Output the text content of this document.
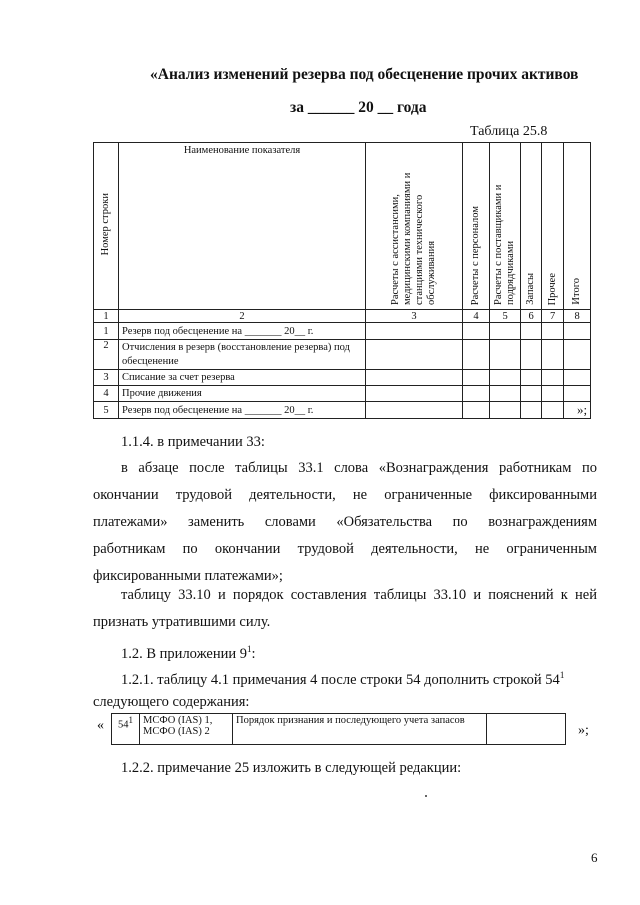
«Анализ изменений резерва под обесценение прочих активов
за ______ 20 __ года
Таблица 25.8
Номер строки	Наименование показателя	Расчеты с ассистансими, медицинскими компаниями и станциями технического обслуживания	Расчеты с персоналом	Расчеты с поставщиками и подрядчиками	Запасы	Прочее	Итого

1	2	3	4	5	6	7	8
1	Резерв под обесценение на _______ 20__ г.						
2	Отчисления в резерв (восстановление резерва) под обесценение						
3	Списание за счет резерва						
4	Прочие движения						
5	Резерв под обесценение на _______ 20__ г.							»;
1.1.4. в примечании 33:
в абзаце после таблицы 33.1 слова «Вознаграждения работникам по
окончании трудовой деятельности, не ограниченные фиксированными
платежами» заменить словами «Обязательства по вознаграждениям
работникам по окончании трудовой деятельности, не ограниченным
фиксированными платежами»;
таблицу 33.10 и порядок составления таблицы 33.10 и пояснений к ней
признать утратившими силу.
1.2. В приложении $9^1$:
1.2.1. таблицу 4.1 примечания 4 после строки 54 дополнить строкой $54^1$
следующего содержания:
« $54^1$	МСФО (IAS) 1, МСФО (IAS) 2	Порядок признания и последующего учета запасов	
»;
1.2.2. примечание 25 изложить в следующей редакции:
6
